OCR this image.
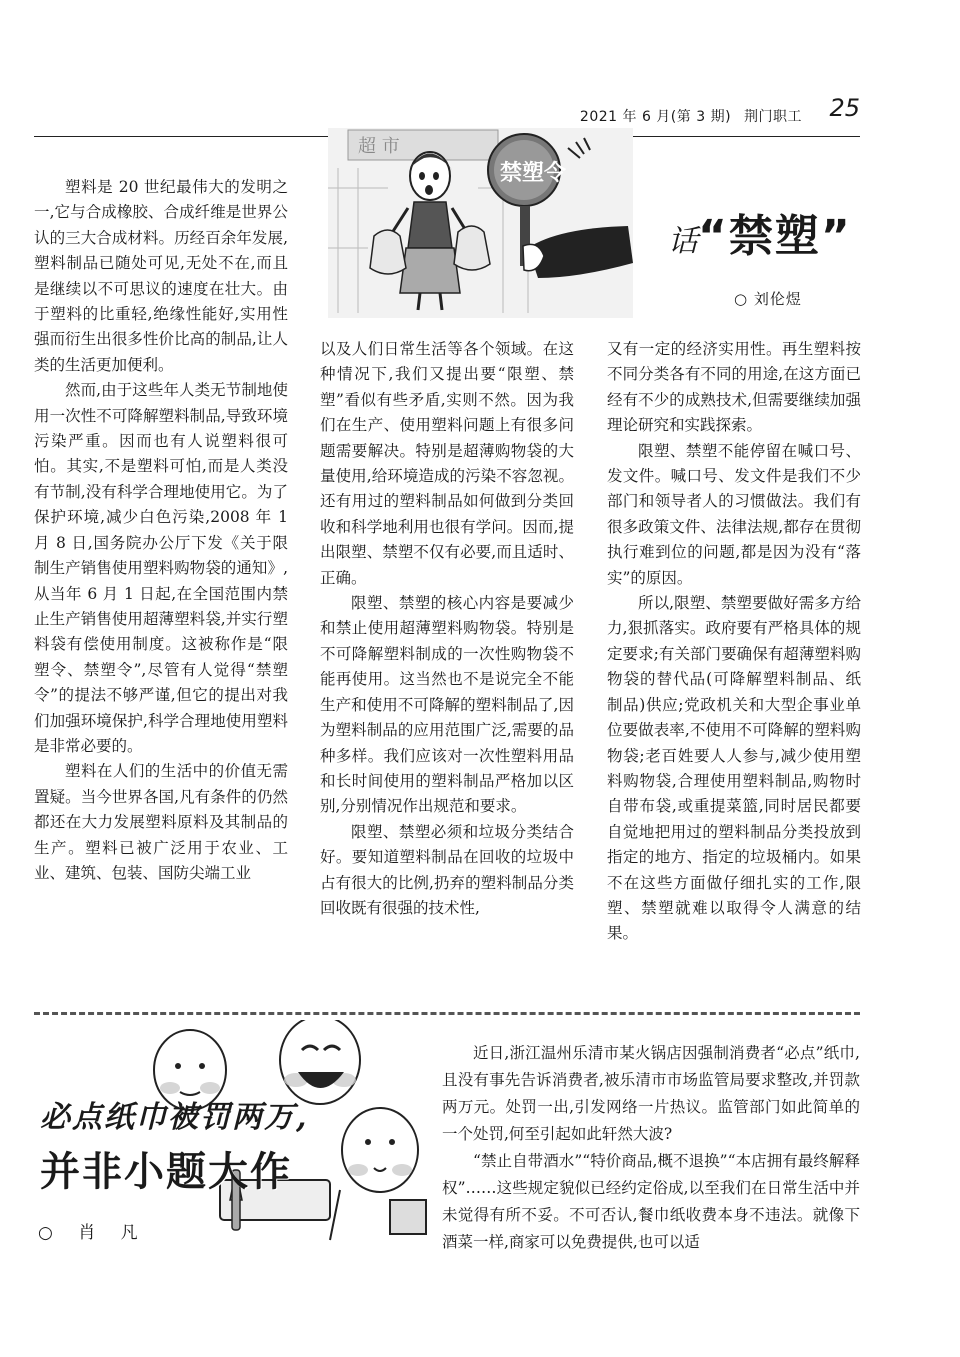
2021 年 6 月(第 3 期) 荆门职工 25
超 市
禁塑令
话“禁塑”
○ 刘伦煜

塑料是 20 世纪最伟大的发明之一,它与合成橡胶、合成纤维是世界公认的三大合成材料。历经百余年发展,塑料制品已随处可见,无处不在,而且是继续以不可思议的速度在壮大。由于塑料的比重轻,绝缘性能好,实用性强而衍生出很多性价比高的制品,让人类的生活更加便利。

然而,由于这些年人类无节制地使用一次性不可降解塑料制品,导致环境污染严重。因而也有人说塑料很可怕。其实,不是塑料可怕,而是人类没有节制,没有科学合理地使用它。为了保护环境,减少白色污染,2008 年 1 月 8 日,国务院办公厅下发《关于限制生产销售使用塑料购物袋的通知》,从当年 6 月 1 日起,在全国范围内禁止生产销售使用超薄塑料袋,并实行塑料袋有偿使用制度。这被称作是“限塑令、禁塑令”,尽管有人觉得“禁塑令”的提法不够严谨,但它的提出对我们加强环境保护,科学合理地使用塑料是非常必要的。

塑料在人们的生活中的价值无需置疑。当今世界各国,凡有条件的仍然都还在大力发展塑料原料及其制品的生产。塑料已被广泛用于农业、工业、建筑、包装、国防尖端工业

以及人们日常生活等各个领域。在这种情况下,我们又提出要“限塑、禁塑”看似有些矛盾,实则不然。因为我们在生产、使用塑料问题上有很多问题需要解决。特别是超薄购物袋的大量使用,给环境造成的污染不容忽视。还有用过的塑料制品如何做到分类回收和科学地利用也很有学问。因而,提出限塑、禁塑不仅有必要,而且适时、正确。

限塑、禁塑的核心内容是要减少和禁止使用超薄塑料购物袋。特别是不可降解塑料制成的一次性购物袋不能再使用。这当然也不是说完全不能生产和使用不可降解的塑料制品了,因为塑料制品的应用范围广泛,需要的品种多样。我们应该对一次性塑料用品和长时间使用的塑料制品严格加以区别,分别情况作出规范和要求。

限塑、禁塑必须和垃圾分类结合好。要知道塑料制品在回收的垃圾中占有很大的比例,扔弃的塑料制品分类回收既有很强的技术性,

又有一定的经济实用性。再生塑料按不同分类各有不同的用途,在这方面已经有不少的成熟技术,但需要继续加强理论研究和实践探索。

限塑、禁塑不能停留在喊口号、发文件。喊口号、发文件是我们不少部门和领导者人的习惯做法。我们有很多政策文件、法律法规,都存在贯彻执行难到位的问题,都是因为没有“落实”的原因。

所以,限塑、禁塑要做好需多方给力,狠抓落实。政府要有严格具体的规定要求;有关部门要确保有超薄塑料购物袋的替代品(可降解塑料制品、纸制品)供应;党政机关和大型企事业单位要做表率,不使用不可降解的塑料购物袋;老百姓要人人参与,减少使用塑料购物袋,合理使用塑料制品,购物时自带布袋,或重提菜篮,同时居民都要自觉地把用过的塑料制品分类投放到指定的地方、指定的垃圾桶内。如果不在这些方面做仔细扎实的工作,限塑、禁塑就难以取得令人满意的结果。

必点纸巾被罚两万,
并非小题大作
○ 肖 凡

近日,浙江温州乐清市某火锅店因强制消费者“必点”纸巾,且没有事先告诉消费者,被乐清市市场监管局要求整改,并罚款两万元。处罚一出,引发网络一片热议。监管部门如此简单的一个处罚,何至引起如此轩然大波?

“禁止自带酒水”“特价商品,概不退换”“本店拥有最终解释权”……这些规定貌似已经约定俗成,以至我们在日常生活中并未觉得有所不妥。不可否认,餐巾纸收费本身不违法。就像下酒菜一样,商家可以免费提供,也可以适
